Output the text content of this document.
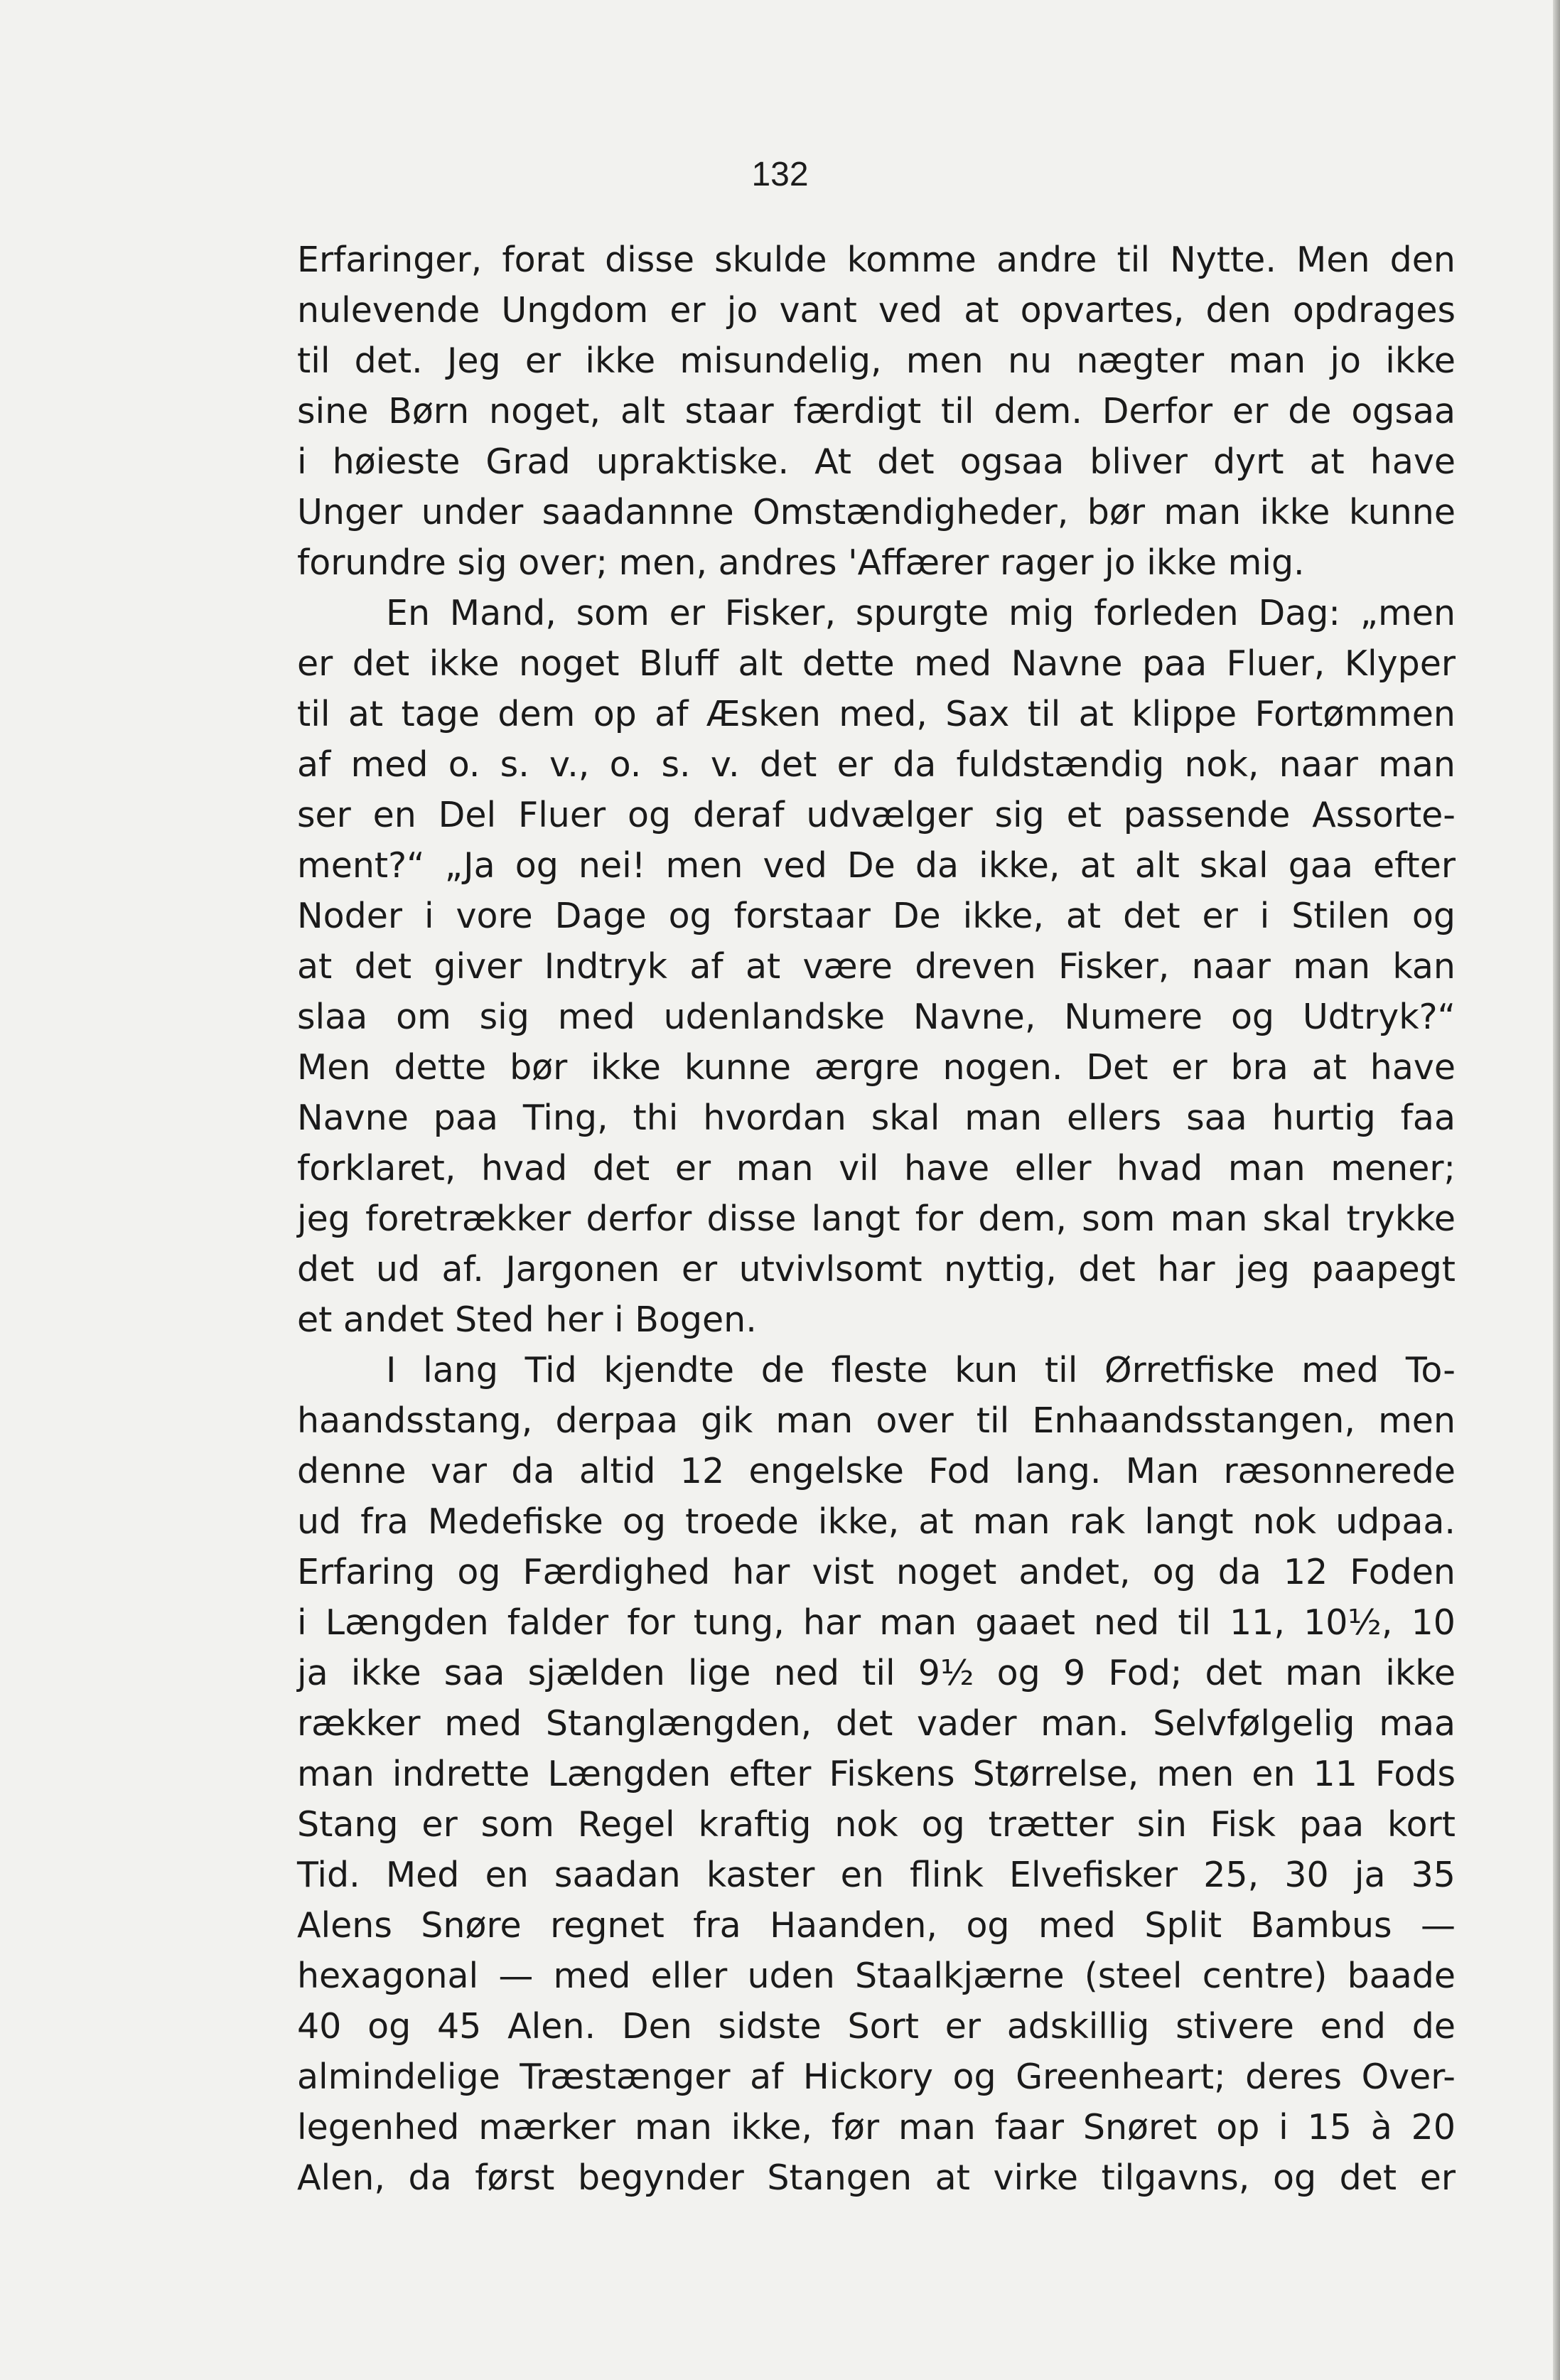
132
Erfaringer, forat disse skulde komme andre til Nytte. Men den
nulevende Ungdom er jo vant ved at opvartes, den opdrages
til det. Jeg er ikke misundelig, men nu nægter man jo ikke
sine Børn noget, alt staar færdigt til dem. Derfor er de ogsaa
i høieste Grad upraktiske. At det ogsaa bliver dyrt at have
Unger under saadannne Omstændigheder, bør man ikke kunne
forundre sig over; men, andres 'Affærer rager jo ikke mig.
En Mand, som er Fisker, spurgte mig forleden Dag: „men
er det ikke noget Bluff alt dette med Navne paa Fluer, Klyper
til at tage dem op af Æsken med, Sax til at klippe Fortømmen
af med o. s. v., o. s. v. det er da fuldstændig nok, naar man
ser en Del Fluer og deraf udvælger sig et passende Assorte-
ment?“ „Ja og nei! men ved De da ikke, at alt skal gaa efter
Noder i vore Dage og forstaar De ikke, at det er i Stilen og
at det giver Indtryk af at være dreven Fisker, naar man kan
slaa om sig med udenlandske Navne, Numere og Udtryk?“
Men dette bør ikke kunne ærgre nogen. Det er bra at have
Navne paa Ting, thi hvordan skal man ellers saa hurtig faa
forklaret, hvad det er man vil have eller hvad man mener;
jeg foretrækker derfor disse langt for dem, som man skal trykke
det ud af. Jargonen er utvivlsomt nyttig, det har jeg paapegt
et andet Sted her i Bogen.
I lang Tid kjendte de fleste kun til Ørretfiske med To-
haandsstang, derpaa gik man over til Enhaandsstangen, men
denne var da altid 12 engelske Fod lang. Man ræsonnerede
ud fra Medefiske og troede ikke, at man rak langt nok udpaa.
Erfaring og Færdighed har vist noget andet, og da 12 Foden
i Længden falder for tung, har man gaaet ned til 11, 10½, 10
ja ikke saa sjælden lige ned til 9½ og 9 Fod; det man ikke
rækker med Stanglængden, det vader man. Selvfølgelig maa
man indrette Længden efter Fiskens Størrelse, men en 11 Fods
Stang er som Regel kraftig nok og trætter sin Fisk paa kort
Tid. Med en saadan kaster en flink Elvefisker 25, 30 ja 35
Alens Snøre regnet fra Haanden, og med Split Bambus —
hexagonal — med eller uden Staalkjærne (steel centre) baade
40 og 45 Alen. Den sidste Sort er adskillig stivere end de
almindelige Træstænger af Hickory og Greenheart; deres Over-
legenhed mærker man ikke, før man faar Snøret op i 15 à 20
Alen, da først begynder Stangen at virke tilgavns, og det er
